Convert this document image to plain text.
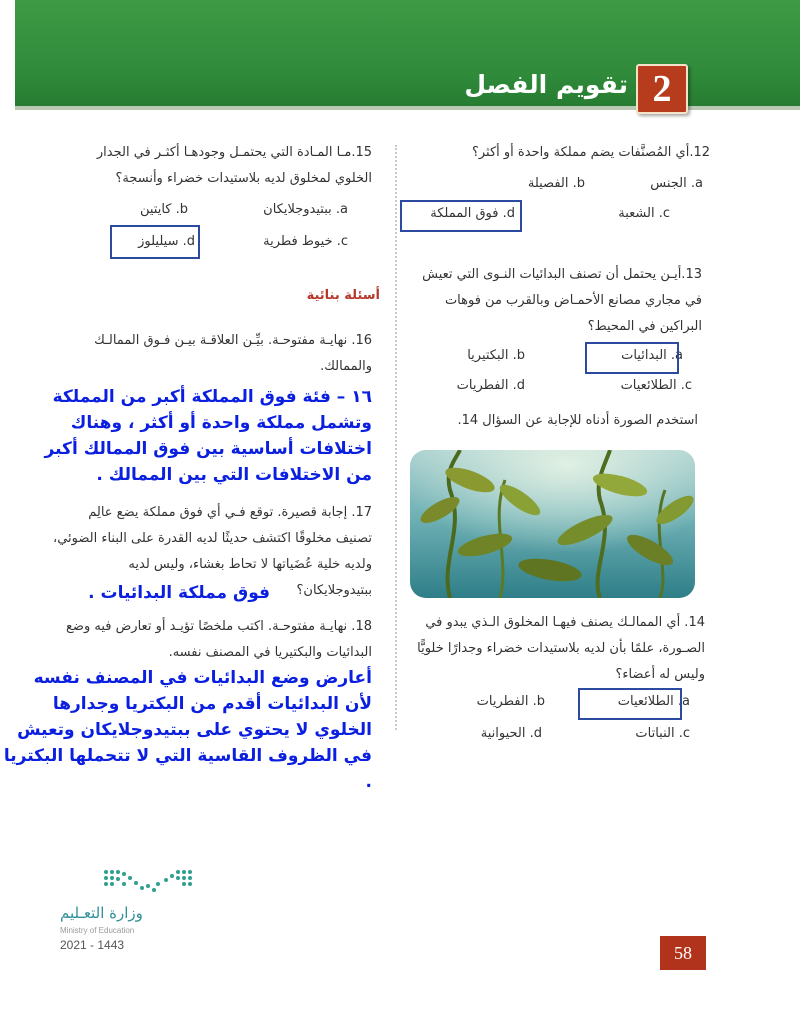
تقويم الفصل 2
12.أي المُصنَّفات يضم مملكة واحدة أو أكثر؟
a. الجنس
b. الفصيلة
c. الشعبة
d. فوق المملكة
13.أيـن يحتمل أن تصنف البدائيات النـوى التي تعيش في مجاري مصانع الأحمـاض وبالقرب من فوهات البراكين في المحيط؟
a. البدائيات
b. البكتيريا
c. الطلائعيات
d. الفطريات
استخدم الصورة أدناه للإجابة عن السؤال 14.
14. أي الممالـك يصنف فيهـا المخلوق الـذي يبدو في الصـورة، علمًا بأن لديه بلاستيدات خضراء وجدارًا خلويًّا وليس له أعضاء؟
a. الطلائعيات
b. الفطريات
c. النباتات
d. الحيوانية
15.مـا المـادة التي يحتمـل وجودهـا أكثـر في الجدار الخلوي لمخلوق لديه بلاستيدات خضراء وأنسجة؟
a. ببتيدوجلايكان
b. كايتين
c. خيوط فطرية
d. سيليلوز
أسئلة بنائية
16. نهايـة مفتوحـة. بيِّـن العلاقـة بيـن فـوق الممالـك والممالك.
١٦ – فئة فوق المملكة أكبر من المملكة وتشمل مملكة واحدة أو أكثر ، وهناك اختلافات أساسية بين فوق الممالك أكبر من الاختلافات التي بين الممالك .
17. إجابة قصيرة. توقع فـي أي فوق مملكة يضع عالِم تصنيف مخلوقًا اكتشف حديثًا لديه القدرة على البناء الضوئي، ولديه خلية عُضَياتها لا تحاط بغشاء، وليس لديه ببتيدوجلايكان؟
فوق مملكة البدائيات .
18. نهايـة مفتوحـة. اكتب ملخصًا تؤيـد أو تعارض فيه وضع البدائيات والبكتيريا في المصنف نفسه.
أعارض وضع البدائيات في المصنف نفسه لأن البدائيات أقدم من البكتريا وجدارها الخلوي لا يحتوي على ببتيدوجلايكان وتعيش في الظروف القاسية التي لا تتحملها البكتريا .
وزارة التعـليم
Ministry of Education
2021 - 1443	58
